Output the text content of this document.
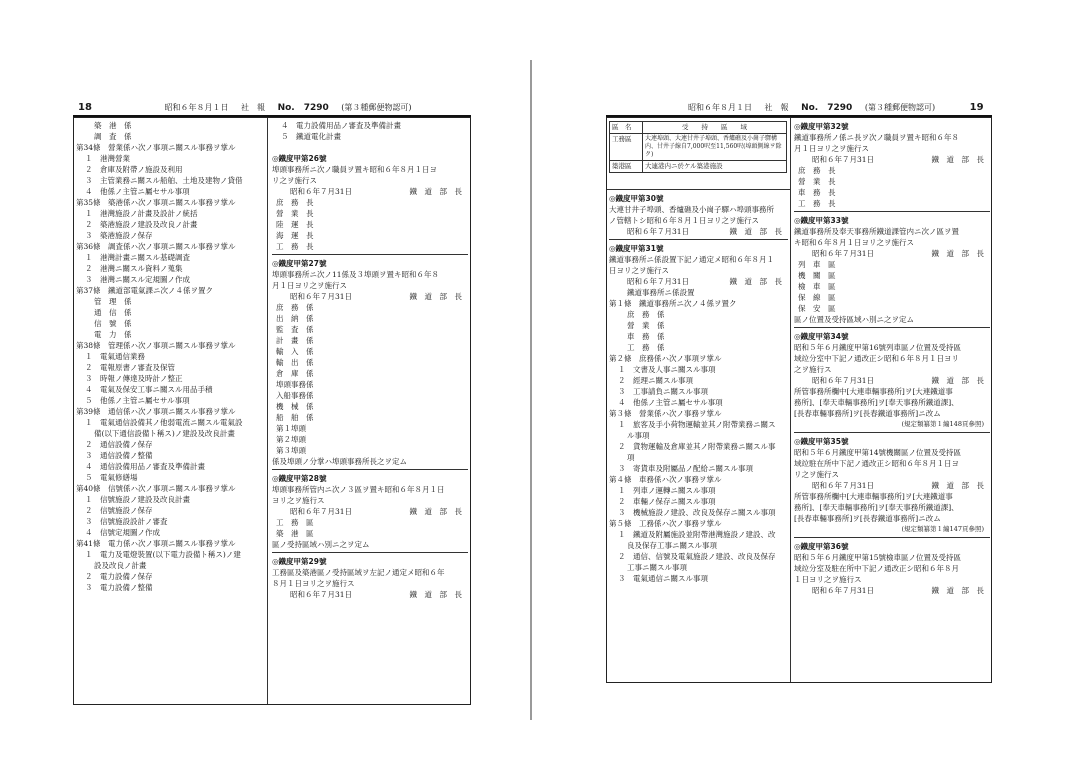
18	昭和６年８月１日 社　報 No.　7290 (第３種郵便物認可)
築　港　係
調　査　係
第34條　營業係ハ次ノ事項ニ關スル事務ヲ掌ル
１　港灣營業
２　倉庫及附帶ノ施設及利用
３　主管業務ニ關スル船舶、土地及建物ノ貸借
４　他係ノ主管ニ屬セサル事項
第35條　築港係ハ次ノ事項ニ關スル事務ヲ掌ル
１　港灣施設ノ計畫及設計ノ統括
２　築港施設ノ建設及改良ノ計畫
３　築港施設ノ保存
第36條　調査係ハ次ノ事項ニ關スル事務ヲ掌ル
１　港灣計畫ニ關スル基礎調査
２　港灣ニ關スル資料ノ蒐集
３　港灣ニ關スル定規圖ノ作成
第37條　鐵道部電氣課ニ次ノ４係ヲ置ク
管　理　係
通　信　係
信　號　係
電　力　係
第38條　管理係ハ次ノ事項ニ關スル事務ヲ掌ル
１　電氣通信業務
２　電報原書ノ審査及保管
３　時報ノ傳達及時計ノ整正
４　電氣及保安工事ニ關スル用品手積
５　他係ノ主管ニ屬セサル事項
第39條　通信係ハ次ノ事項ニ關スル事務ヲ掌ル
１　電氣通信設備其ノ他弱電流ニ關スル電氣設
備(以下通信設備ト稱ス)ノ建設及改良計畫
２　通信設備ノ保存
３　通信設備ノ整備
４　通信設備用品ノ審査及準備計畫
５　電氣修繕場
第40條　信號係ハ次ノ事項ニ關スル事務ヲ掌ル
１　信號施設ノ建設及改良計畫
２　信號施設ノ保存
３　信號施設設計ノ審査
４　信號定規圖ノ作成
第41條　電力係ハ次ノ事項ニ關スル事務ヲ掌ル
１　電力及電燈裝置(以下電力設備ト稱ス)ノ建
設及改良ノ計畫
２　電力設備ノ保存
３　電力設備ノ整備
４　電力設備用品ノ審査及準備計畫
５　鐵道電化計畫
◎ 鐵度甲第26號
埠頭事務所ニ次ノ職員ヲ置キ昭和６年８月１日ヨ
リ之ヲ施行ス
昭和６年７月31日	鐵　道　部　長
庶　務　長
營　業　長
陸　運　長
海　運　長
工　務　長
◎ 鐵度甲第27號
埠頭事務所ニ次ノ11係及３埠頭ヲ置キ昭和６年８
月１日ヨリ之ヲ施行ス
昭和６年７月31日	鐵　道　部　長
庶　務　係
出　納　係
監　査　係
計　畫　係
輸　入　係
輸　出　係
倉　庫　係
埠頭事務係
入船事務係
機　械　係
船　舶　係
第１埠頭
第２埠頭
第３埠頭
係及埠頭ノ分掌ハ埠頭事務所長之ヲ定ム
◎ 鐵度甲第28號
埠頭事務所管内ニ次ノ３區ヲ置キ昭和６年８月１日
ヨリ之ヲ施行ス
昭和６年７月31日	鐵　道　部　長
工　務　區
築　港　區
區ノ受持區域ハ別ニ之ヲ定ム
◎ 鐵度甲第29號
工務區及築港區ノ受持區域ヲ左記ノ通定メ昭和６年
８月１日ヨリ之ヲ施行ス
昭和６年７月31日	鐵　道　部　長
昭和６年８月１日 社　報 No.　7290 (第３種郵便物認可)	19
區　名	受　　持　　區　　域
工務區	大連埠頭、大連甘井子埠頭、香爐礁及小崗子驛構内、甘井子線自7,000呎至11,560呎(埠頭側線ヲ除ク)
築港區	大連港内ニ於ケル築港施設
◎ 鐵度甲第30號
大連甘井子埠頭、香爐礁及小崗子驛ハ埠頭事務所
ノ管轄トシ昭和６年８月１日ヨリ之ヲ施行ス
昭和６年７月31日	鐵　道　部　長
◎ 鐵度甲第31號
鐵道事務所ニ係設置下記ノ通定メ昭和６年８月１
日ヨリ之ヲ施行ス
昭和６年７月31日	鐵　道　部　長
鐵道事務所ニ係設置
第１條　鐵道事務所ニ次ノ４係ヲ置ク
庶　務　係
營　業　係
車　務　係
工　務　係
第２條　庶務係ハ次ノ事項ヲ掌ル
１　文書及人事ニ關スル事項
２　經理ニ關スル事項
３　工事請負ニ關スル事項
４　他係ノ主管ニ屬セサル事項
第３條　營業係ハ次ノ事務ヲ掌ル
１　旅客及手小荷物運輸並其ノ附帶業務ニ關ス
ル事項
２　貨物運輸及倉庫並其ノ附帶業務ニ關スル事
項
３　寄貨車及附屬品ノ配給ニ關スル事項
第４條　車務係ハ次ノ事務ヲ掌ル
１　列車ノ運轉ニ關スル事項
２　車輛ノ保存ニ關スル事項
３　機械施設ノ建設、改良及保存ニ關スル事項
第５條　工務係ハ次ノ事務ヲ掌ル
１　鐵道及附屬施設並附帶港灣施設ノ建設、改
良及保存工事ニ關スル事項
２　通信、信號及電氣施設ノ建設、改良及保存
工事ニ關スル事項
３　電氣通信ニ關スル事項
◎ 鐵度甲第32號
鐵道事務所ノ係ニ長ヲ次ノ職員ヲ置キ昭和６年８
月１日ヨリ之ヲ施行ス
昭和６年７月31日	鐵　道　部　長
庶　務　長
營　業　長
車　務　長
工　務　長
◎ 鐵度甲第33號
鐵道事務所及奉天事務所鐵道課管内ニ次ノ區ヲ置
キ昭和６年８月１日ヨリ之ヲ施行ス
昭和６年７月31日	鐵　道　部　長
列　車　區
機　關　區
檢　車　區
保　線　區
保　安　區
區ノ位置及受持區域ハ別ニ之ヲ定ム
◎ 鐵度甲第34號
昭和５年６月鐵度甲第16號列車區ノ位置及受持區
域竝分室中下記ノ通改正シ昭和６年８月１日ヨリ
之ヲ施行ス
昭和６年７月31日	鐵　道　部　長
所管事務所欄中[大連車輛事務所]ヲ[大連鐵道事
務所]、[奉天車輛事務所]ヲ[奉天事務所鐵道課]、
[長春車輛事務所]ヲ[長春鐵道事務所]ニ改ム
(規定類纂第１編148頁參照)
◎ 鐵度甲第35號
昭和５年６月鐵度甲第14號機關區ノ位置及受持區
域竝駐在所中下記ノ通改正シ昭和６年８月１日ヨ
リ之ヲ施行ス
昭和６年７月31日	鐵　道　部　長
所管事務所欄中[大連車輛事務所]ヲ[大連鐵道事
務所]、[奉天車輛事務所]ヲ[奉天事務所鐵道課]、
[長春車輛事務所]ヲ[長春鐵道事務所]ニ改ム
(規定類纂第１編147頁參照)
◎ 鐵度甲第36號
昭和５年６月鐵度甲第15號檢車區ノ位置及受持區
域竝分室及駐在所中下記ノ通改正シ昭和６年８月
１日ヨリ之ヲ施行ス
昭和６年７月31日	鐵　道　部　長
